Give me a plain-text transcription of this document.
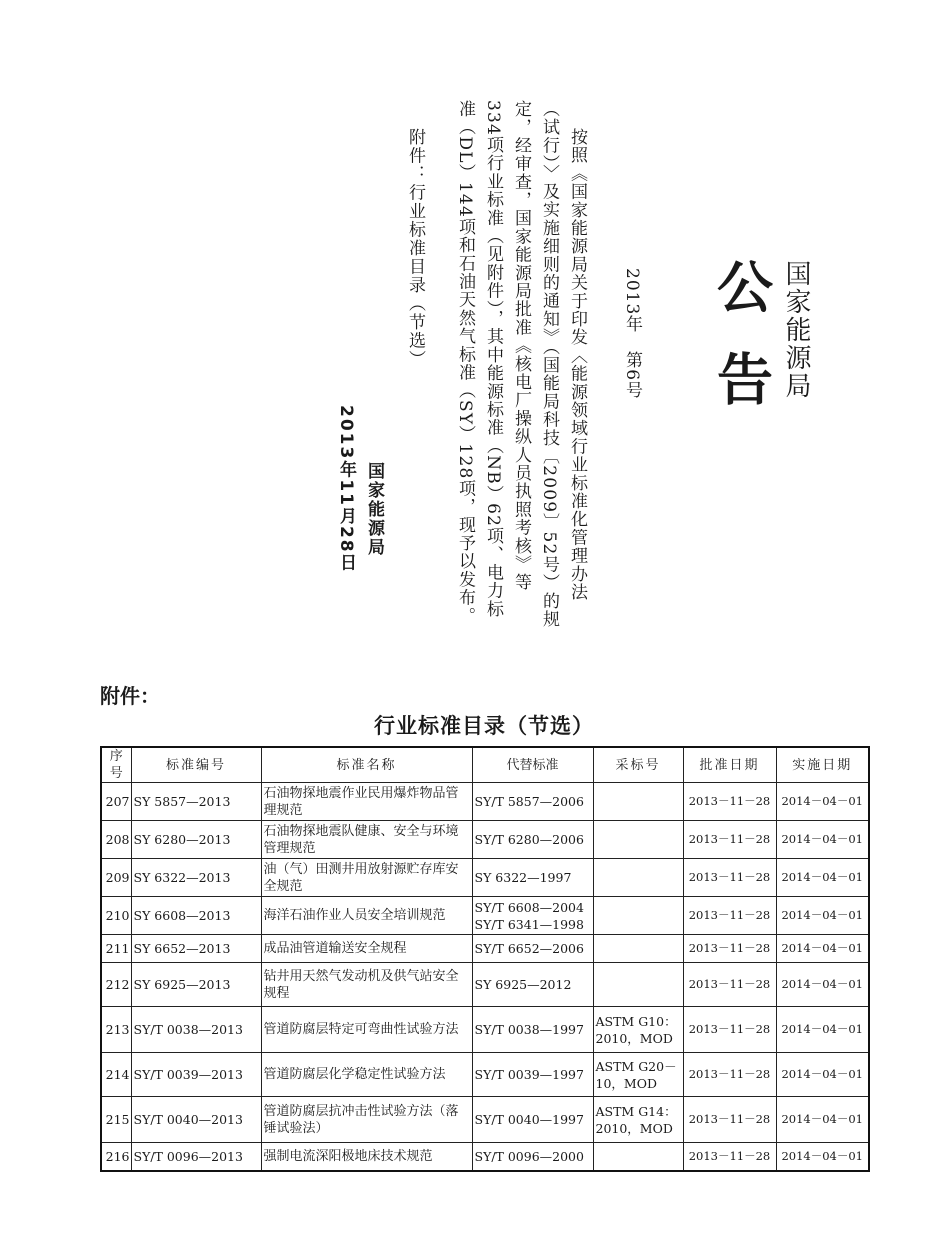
国家能源局
公告
2013年　第6号
按照《国家能源局关于印发〈能源领域行业标准化管理办法
（试行）〉及实施细则的通知》（国能局科技〔2009〕52号）的规
定，经审查，国家能源局批准《核电厂操纵人员执照考核》等
334项行业标准（见附件），其中能源标准（NB）62项、电力标
准（DL）144项和石油天然气标准（SY）128项，现予以发布。
附件：行业标准目录（节选）
国家能源局
2013年11月28日
附件：
行业标准目录（节选）
序号	标准编号	标准名称	代替标准	采标号	批准日期	实施日期
207	SY 5857—2013	石油物探地震作业民用爆炸物品管理规范	SY/T 5857—2006		2013－11－28	2014－04－01
208	SY 6280—2013	石油物探地震队健康、安全与环境管理规范	SY/T 6280—2006		2013－11－28	2014－04－01
209	SY 6322—2013	油（气）田测井用放射源贮存库安全规范	SY 6322—1997		2013－11－28	2014－04－01
210	SY 6608—2013	海洋石油作业人员安全培训规范	SY/T 6608—2004
SY/T 6341—1998		2013－11－28	2014－04－01
211	SY 6652—2013	成品油管道输送安全规程	SY/T 6652—2006		2013－11－28	2014－04－01
212	SY 6925—2013	钻井用天然气发动机及供气站安全规程	SY 6925—2012		2013－11－28	2014－04－01
213	SY/T 0038—2013	管道防腐层特定可弯曲性试验方法	SY/T 0038—1997	ASTM G10：2010，MOD	2013－11－28	2014－04－01
214	SY/T 0039—2013	管道防腐层化学稳定性试验方法	SY/T 0039—1997	ASTM G20－10，MOD	2013－11－28	2014－04－01
215	SY/T 0040—2013	管道防腐层抗冲击性试验方法（落锤试验法）	SY/T 0040—1997	ASTM G14：2010，MOD	2013－11－28	2014－04－01
216	SY/T 0096—2013	强制电流深阳极地床技术规范	SY/T 0096—2000		2013－11－28	2014－04－01
